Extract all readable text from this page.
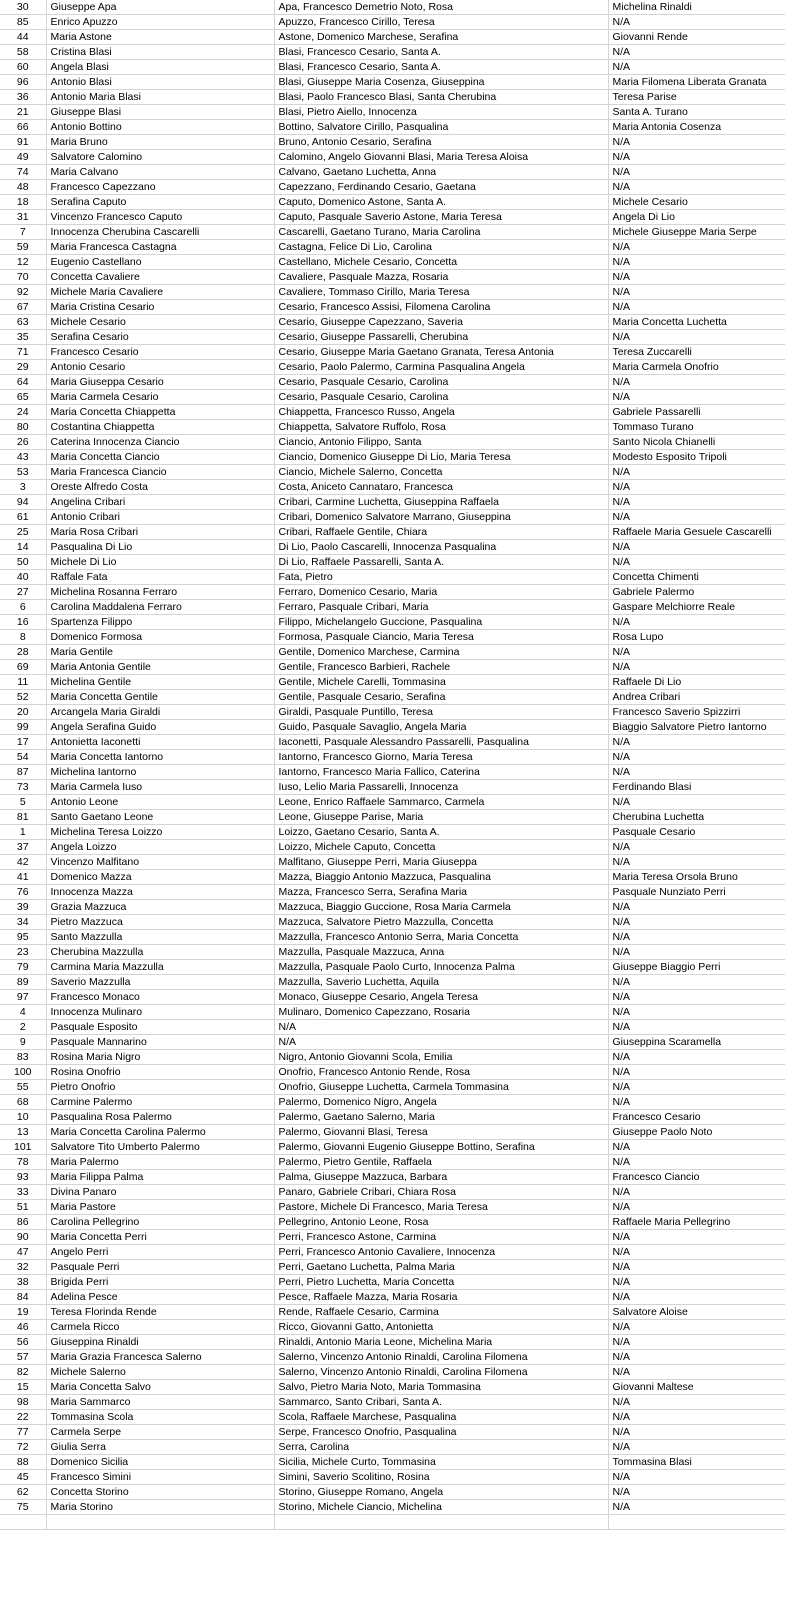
30	Giuseppe Apa	Apa, Francesco Demetrio Noto, Rosa	Michelina Rinaldi
85	Enrico Apuzzo	Apuzzo, Francesco Cirillo, Teresa	N/A
44	Maria Astone	Astone, Domenico Marchese, Serafina	Giovanni Rende
58	Cristina Blasi	Blasi, Francesco Cesario, Santa A.	N/A
60	Angela Blasi	Blasi, Francesco Cesario, Santa A.	N/A
96	Antonio Blasi	Blasi, Giuseppe Maria Cosenza, Giuseppina	Maria Filomena Liberata Granata
36	Antonio Maria Blasi	Blasi, Paolo Francesco Blasi, Santa Cherubina	Teresa Parise
21	Giuseppe Blasi	Blasi, Pietro Aiello, Innocenza	Santa A. Turano
66	Antonio Bottino	Bottino, Salvatore Cirillo, Pasqualina	Maria Antonia Cosenza
91	Maria Bruno	Bruno, Antonio Cesario, Serafina	N/A
49	Salvatore Calomino	Calomino, Angelo Giovanni Blasi, Maria Teresa Aloisa	N/A
74	Maria Calvano	Calvano, Gaetano Luchetta, Anna	N/A
48	Francesco Capezzano	Capezzano, Ferdinando Cesario, Gaetana	N/A
18	Serafina Caputo	Caputo, Domenico Astone, Santa A.	Michele Cesario
31	Vincenzo Francesco Caputo	Caputo, Pasquale Saverio Astone, Maria Teresa	Angela Di Lio
7	Innocenza Cherubina Cascarelli	Cascarelli, Gaetano Turano, Maria Carolina	Michele Giuseppe Maria Serpe
59	Maria Francesca Castagna	Castagna, Felice Di Lio, Carolina	N/A
12	Eugenio Castellano	Castellano, Michele Cesario, Concetta	N/A
70	Concetta Cavaliere	Cavaliere, Pasquale Mazza, Rosaria	N/A
92	Michele Maria Cavaliere	Cavaliere, Tommaso Cirillo, Maria Teresa	N/A
67	Maria Cristina Cesario	Cesario, Francesco Assisi, Filomena Carolina	N/A
63	Michele Cesario	Cesario, Giuseppe Capezzano, Saveria	Maria Concetta Luchetta
35	Serafina Cesario	Cesario, Giuseppe Passarelli, Cherubina	N/A
71	Francesco Cesario	Cesario, Giuseppe Maria Gaetano Granata, Teresa Antonia	Teresa Zuccarelli
29	Antonio Cesario	Cesario, Paolo Palermo, Carmina Pasqualina Angela	Maria Carmela Onofrio
64	Maria Giuseppa Cesario	Cesario, Pasquale Cesario, Carolina	N/A
65	Maria Carmela Cesario	Cesario, Pasquale Cesario, Carolina	N/A
24	Maria Concetta Chiappetta	Chiappetta, Francesco Russo, Angela	Gabriele Passarelli
80	Costantina Chiappetta	Chiappetta, Salvatore Ruffolo, Rosa	Tommaso Turano
26	Caterina Innocenza Ciancio	Ciancio, Antonio Filippo, Santa	Santo Nicola Chianelli
43	Maria Concetta Ciancio	Ciancio, Domenico Giuseppe Di Lio, Maria Teresa	Modesto Esposito Tripoli
53	Maria Francesca Ciancio	Ciancio, Michele Salerno, Concetta	N/A
3	Oreste Alfredo Costa	Costa, Aniceto Cannataro, Francesca	N/A
94	Angelina Cribari	Cribari, Carmine Luchetta, Giuseppina Raffaela	N/A
61	Antonio Cribari	Cribari, Domenico Salvatore Marrano, Giuseppina	N/A
25	Maria Rosa Cribari	Cribari, Raffaele Gentile, Chiara	Raffaele Maria Gesuele Cascarelli
14	Pasqualina Di Lio	Di Lio, Paolo Cascarelli, Innocenza Pasqualina	N/A
50	Michele Di Lio	Di Lio, Raffaele Passarelli, Santa A.	N/A
40	Raffale Fata	Fata, Pietro	Concetta Chimenti
27	Michelina Rosanna Ferraro	Ferraro, Domenico Cesario, Maria	Gabriele Palermo
6	Carolina Maddalena Ferraro	Ferraro, Pasquale Cribari, Maria	Gaspare Melchiorre Reale
16	Spartenza Filippo	Filippo, Michelangelo Guccione, Pasqualina	N/A
8	Domenico Formosa	Formosa, Pasquale Ciancio, Maria Teresa	Rosa Lupo
28	Maria Gentile	Gentile, Domenico Marchese, Carmina	N/A
69	Maria Antonia Gentile	Gentile, Francesco Barbieri, Rachele	N/A
11	Michelina Gentile	Gentile, Michele Carelli, Tommasina	Raffaele Di Lio
52	Maria Concetta Gentile	Gentile, Pasquale Cesario, Serafina	Andrea Cribari
20	Arcangela Maria Giraldi	Giraldi, Pasquale Puntillo, Teresa	Francesco Saverio Spizzirri
99	Angela Serafina Guido	Guido, Pasquale Savaglio, Angela Maria	Biaggio Salvatore Pietro Iantorno
17	Antonietta Iaconetti	Iaconetti, Pasquale Alessandro Passarelli, Pasqualina	N/A
54	Maria Concetta Iantorno	Iantorno, Francesco Giorno, Maria Teresa	N/A
87	Michelina Iantorno	Iantorno, Francesco Maria Fallico, Caterina	N/A
73	Maria Carmela Iuso	Iuso, Lelio Maria Passarelli, Innocenza	Ferdinando Blasi
5	Antonio Leone	Leone, Enrico Raffaele Sammarco, Carmela	N/A
81	Santo Gaetano Leone	Leone, Giuseppe Parise, Maria	Cherubina Luchetta
1	Michelina Teresa Loizzo	Loizzo, Gaetano Cesario, Santa A.	Pasquale Cesario
37	Angela Loizzo	Loizzo, Michele Caputo, Concetta	N/A
42	Vincenzo Malfitano	Malfitano, Giuseppe Perri, Maria Giuseppa	N/A
41	Domenico Mazza	Mazza, Biaggio Antonio Mazzuca, Pasqualina	Maria Teresa Orsola Bruno
76	Innocenza Mazza	Mazza, Francesco Serra, Serafina Maria	Pasquale Nunziato Perri
39	Grazia Mazzuca	Mazzuca, Biaggio Guccione, Rosa Maria Carmela	N/A
34	Pietro Mazzuca	Mazzuca, Salvatore Pietro Mazzulla, Concetta	N/A
95	Santo Mazzulla	Mazzulla, Francesco Antonio Serra, Maria Concetta	N/A
23	Cherubina Mazzulla	Mazzulla, Pasquale Mazzuca, Anna	N/A
79	Carmina Maria Mazzulla	Mazzulla, Pasquale Paolo Curto, Innocenza Palma	Giuseppe Biaggio Perri
89	Saverio Mazzulla	Mazzulla, Saverio Luchetta, Aquila	N/A
97	Francesco Monaco	Monaco, Giuseppe Cesario, Angela Teresa	N/A
4	Innocenza Mulinaro	Mulinaro, Domenico Capezzano, Rosaria	N/A
2	Pasquale Esposito	N/A	N/A
9	Pasquale Mannarino	N/A	Giuseppina Scaramella
83	Rosina Maria Nigro	Nigro, Antonio Giovanni Scola, Emilia	N/A
100	Rosina Onofrio	Onofrio, Francesco Antonio Rende, Rosa	N/A
55	Pietro Onofrio	Onofrio, Giuseppe Luchetta, Carmela Tommasina	N/A
68	Carmine Palermo	Palermo, Domenico Nigro, Angela	N/A
10	Pasqualina Rosa Palermo	Palermo, Gaetano Salerno, Maria	Francesco Cesario
13	Maria Concetta Carolina Palermo	Palermo, Giovanni Blasi, Teresa	Giuseppe Paolo Noto
101	Salvatore Tito Umberto Palermo	Palermo, Giovanni Eugenio Giuseppe Bottino, Serafina	N/A
78	Maria Palermo	Palermo, Pietro Gentile, Raffaela	N/A
93	Maria Filippa Palma	Palma, Giuseppe Mazzuca, Barbara	Francesco Ciancio
33	Divina Panaro	Panaro, Gabriele Cribari, Chiara Rosa	N/A
51	Maria Pastore	Pastore, Michele Di Francesco, Maria Teresa	N/A
86	Carolina Pellegrino	Pellegrino, Antonio Leone, Rosa	Raffaele Maria Pellegrino
90	Maria Concetta Perri	Perri, Francesco Astone, Carmina	N/A
47	Angelo Perri	Perri, Francesco Antonio Cavaliere, Innocenza	N/A
32	Pasquale Perri	Perri, Gaetano Luchetta, Palma Maria	N/A
38	Brigida Perri	Perri, Pietro Luchetta, Maria Concetta	N/A
84	Adelina Pesce	Pesce, Raffaele Mazza, Maria Rosaria	N/A
19	Teresa Florinda Rende	Rende, Raffaele Cesario, Carmina	Salvatore Aloise
46	Carmela Ricco	Ricco, Giovanni Gatto, Antonietta	N/A
56	Giuseppina Rinaldi	Rinaldi, Antonio Maria Leone, Michelina Maria	N/A
57	Maria Grazia Francesca Salerno	Salerno, Vincenzo Antonio Rinaldi, Carolina Filomena	N/A
82	Michele Salerno	Salerno, Vincenzo Antonio Rinaldi, Carolina Filomena	N/A
15	Maria Concetta Salvo	Salvo, Pietro Maria Noto, Maria Tommasina	Giovanni Maltese
98	Maria Sammarco	Sammarco, Santo Cribari, Santa A.	N/A
22	Tommasina Scola	Scola, Raffaele Marchese, Pasqualina	N/A
77	Carmela Serpe	Serpe, Francesco Onofrio, Pasqualina	N/A
72	Giulia Serra	Serra, Carolina	N/A
88	Domenico Sicilia	Sicilia, Michele Curto, Tommasina	Tommasina Blasi
45	Francesco Simini	Simini, Saverio Scolitino, Rosina	N/A
62	Concetta Storino	Storino, Giuseppe Romano, Angela	N/A
75	Maria Storino	Storino, Michele Ciancio, Michelina	N/A
